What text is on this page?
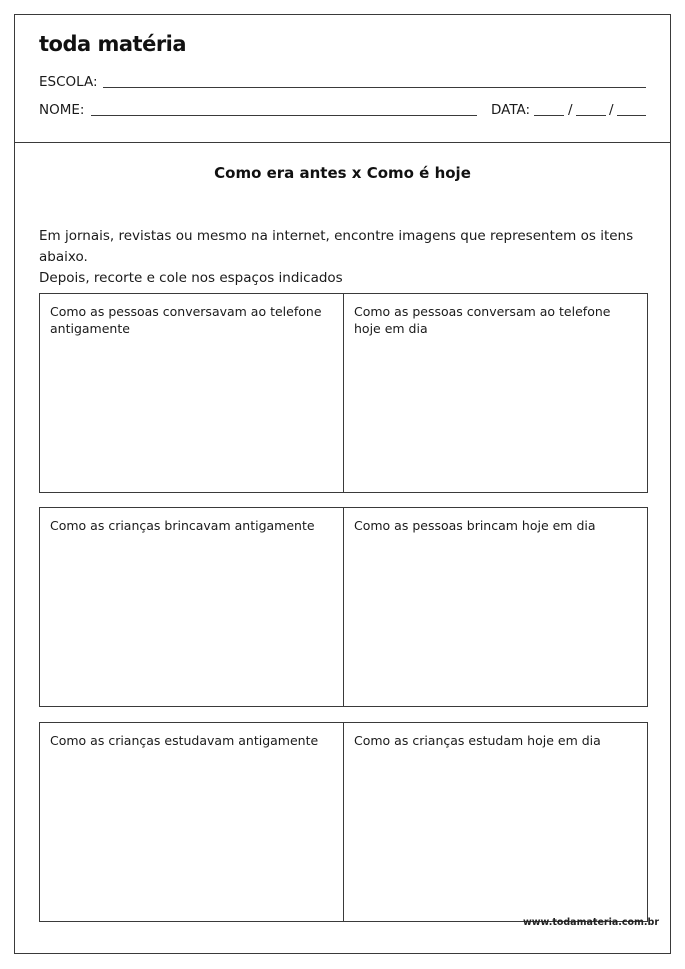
toda matéria
ESCOLA:
NOME:	DATA:	/	/
Como era antes x Como é hoje
Em jornais, revistas ou mesmo na internet, encontre imagens que representem os itens abaixo.
Depois, recorte e cole nos espaços indicados
Como as pessoas conversavam ao telefone antigamente
Como as pessoas conversam ao telefone hoje em dia
Como as crianças brincavam antigamente	Como as pessoas brincam hoje em dia
Como as crianças estudavam antigamente	Como as crianças estudam hoje em dia
www.todamateria.com.br
